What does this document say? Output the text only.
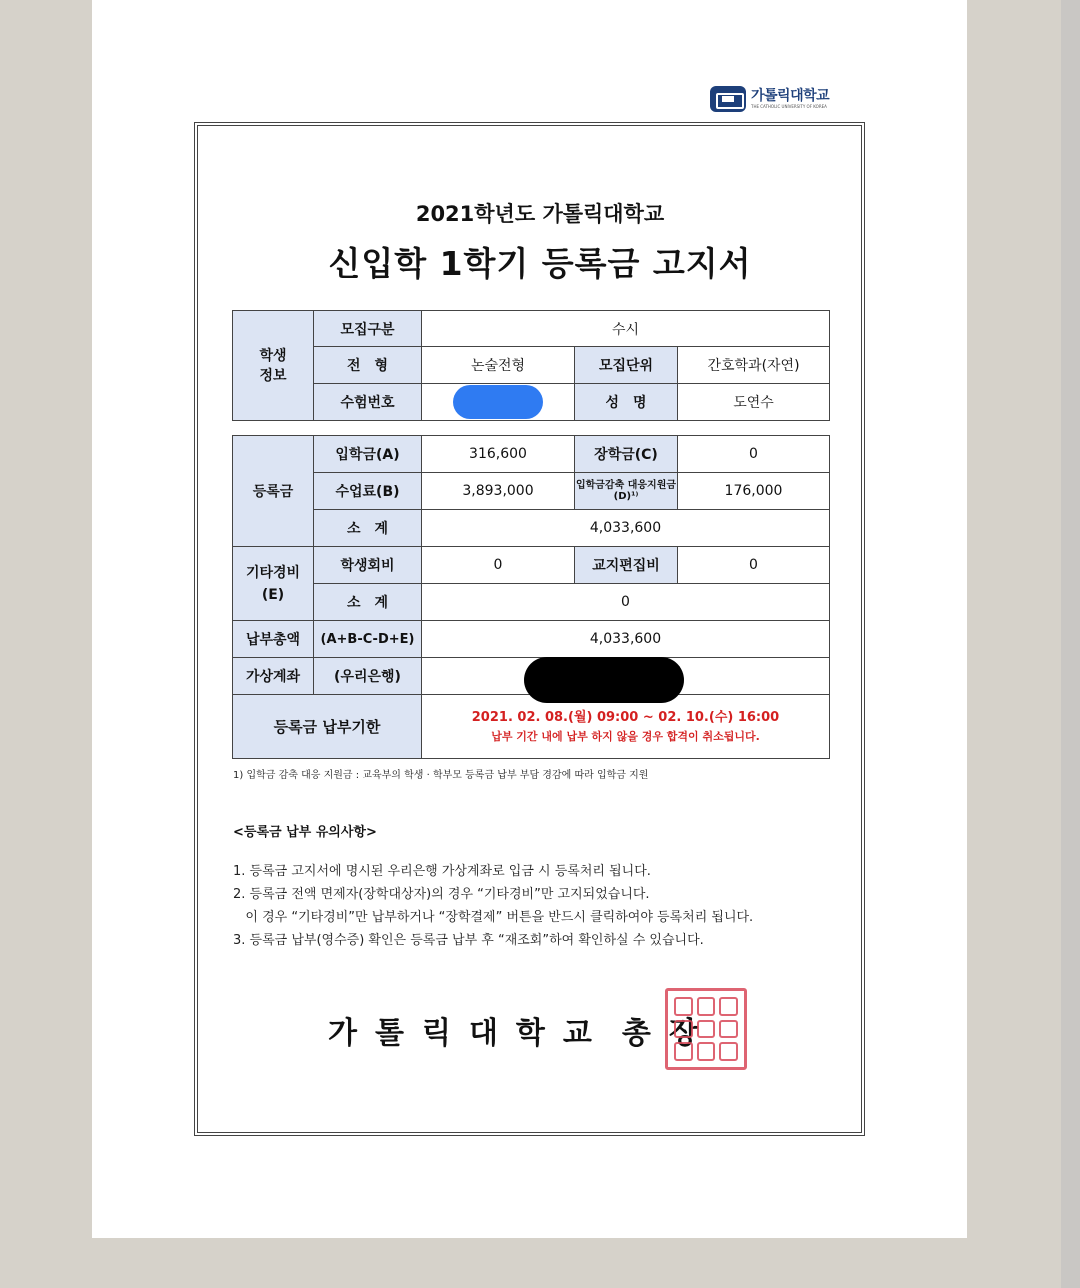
가톨릭대학교
THE CATHOLIC UNIVERSITY OF KOREA
2021학년도 가톨릭대학교
신입학 1학기 등록금 고지서
학생
정보	모집구분	수시		
	전　형	논술전형	모집단위	간호학과(자연)
	수험번호		성　명	도연수
등록금	입학금(A)	316,600	장학금(C)	0
	수업료(B)	3,893,000	입학금감축 대응지원금(D)¹⁾	176,000
	소　계	4,033,600		
기타경비 (E)	학생회비	0	교지편집비	0
	소　계	0		
납부총액	(A+B-C-D+E)	4,033,600		
가상계좌	(우리은행)			
등록금 납부기한		2021. 02. 08.(월) 09:00 ~ 02. 10.(수) 16:00
납부 기간 내에 납부 하지 않을 경우 합격이 취소됩니다.		
1) 입학금 감축 대응 지원금 : 교육부의 학생 · 학부모 등록금 납부 부담 경감에 따라 입학금 지원
<등록금 납부 유의사항>
1. 등록금 고지서에 명시된 우리은행 가상계좌로 입금 시 등록처리 됩니다.
2. 등록금 전액 면제자(장학대상자)의 경우 “기타경비”만 고지되었습니다.
이 경우 “기타경비”만 납부하거나 “장학결제” 버튼을 반드시 클릭하여야 등록처리 됩니다.
3. 등록금 납부(영수증) 확인은 등록금 납부 후 “재조회”하여 확인하실 수 있습니다.
가톨릭대학교 총장
